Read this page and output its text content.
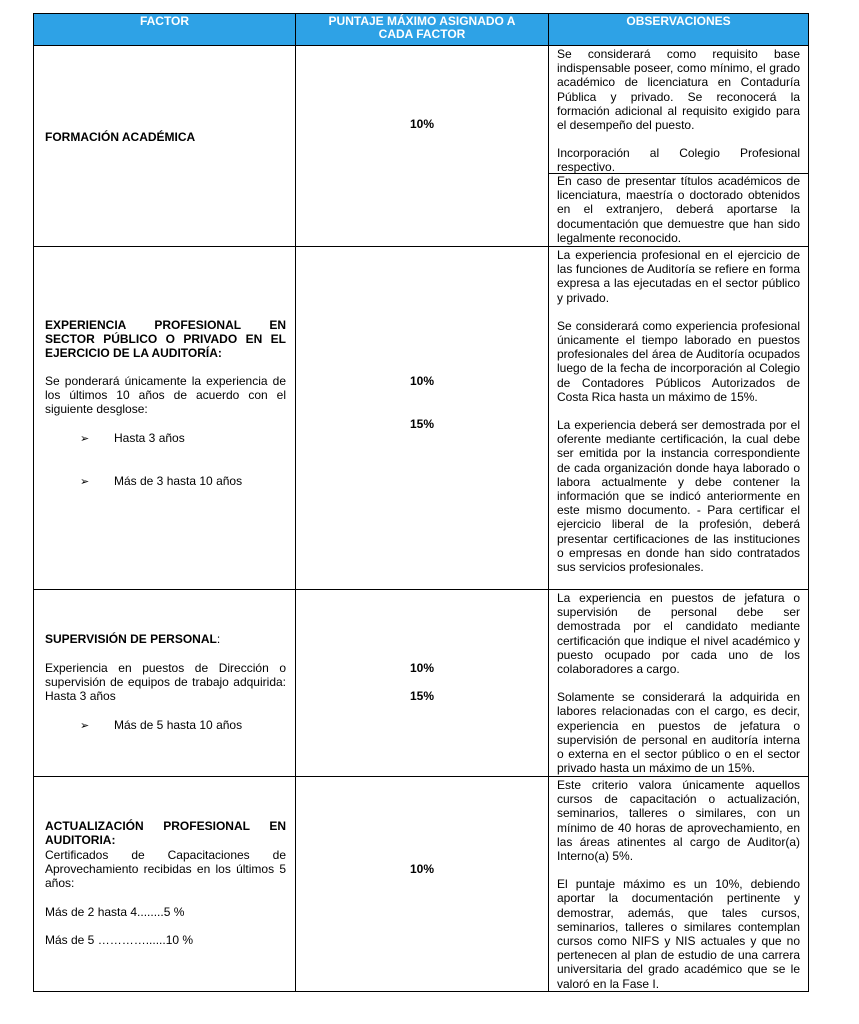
FACTOR	PUNTAJE MÁXIMO ASIGNADO A
CADA FACTOR
OBSERVACIONES
FORMACIÓN ACADÉMICA
10%
Se considerará como requisito base indispensable poseer, como mínimo, el grado académico de licenciatura en Contaduría Pública y privado. Se reconocerá la formación adicional al requisito exigido para el desempeño del puesto.
Incorporación al Colegio Profesional respectivo.
En caso de presentar títulos académicos de licenciatura, maestría o doctorado obtenidos en el extranjero, deberá aportarse la documentación que demuestre que han sido legalmente reconocido.
EXPERIENCIA PROFESIONAL EN SECTOR PÚBLICO O PRIVADO EN EL EJERCICIO DE LA AUDITORÍA:
Se ponderará únicamente la experiencia de los últimos 10 años de acuerdo con el siguiente desglose:
➢ Hasta 3 años
➢ Más de 3 hasta 10 años
10%
15%
La experiencia profesional en el ejercicio de las funciones de Auditoría se refiere en forma expresa a las ejecutadas en el sector público y privado.
Se considerará como experiencia profesional únicamente el tiempo laborado en puestos profesionales del área de Auditoría ocupados luego de la fecha de incorporación al Colegio de Contadores Públicos Autorizados de Costa Rica hasta un máximo de 15%.
La experiencia deberá ser demostrada por el oferente mediante certificación, la cual debe ser emitida por la instancia correspondiente de cada organización donde haya laborado o labora actualmente y debe contener la información que se indicó anteriormente en este mismo documento. - Para certificar el ejercicio liberal de la profesión, deberá presentar certificaciones de las instituciones o empresas en donde han sido contratados sus servicios profesionales.
SUPERVISIÓN DE PERSONAL:
Experiencia en puestos de Dirección o supervisión de equipos de trabajo adquirida: Hasta 3 años
➢ Más de 5 hasta 10 años
10%
15%
La experiencia en puestos de jefatura o supervisión de personal debe ser demostrada por el candidato mediante certificación que indique el nivel académico y puesto ocupado por cada uno de los colaboradores a cargo.
Solamente se considerará la adquirida en labores relacionadas con el cargo, es decir, experiencia en puestos de jefatura o supervisión de personal en auditoría interna o externa en el sector público o en el sector privado hasta un máximo de un 15%.
ACTUALIZACIÓN PROFESIONAL EN AUDITORIA:
Certificados de Capacitaciones de Aprovechamiento recibidas en los últimos 5 años:
Más de 2 hasta 4........5 %
Más de 5 …………......10 %
10%
Este criterio valora únicamente aquellos cursos de capacitación o actualización, seminarios, talleres o similares, con un mínimo de 40 horas de aprovechamiento, en las áreas atinentes al cargo de Auditor(a) Interno(a) 5%.
El puntaje máximo es un 10%, debiendo aportar la documentación pertinente y demostrar, además, que tales cursos, seminarios, talleres o similares contemplan cursos como NIFS y NIS actuales y que no pertenecen al plan de estudio de una carrera universitaria del grado académico que se le valoró en la Fase I.
